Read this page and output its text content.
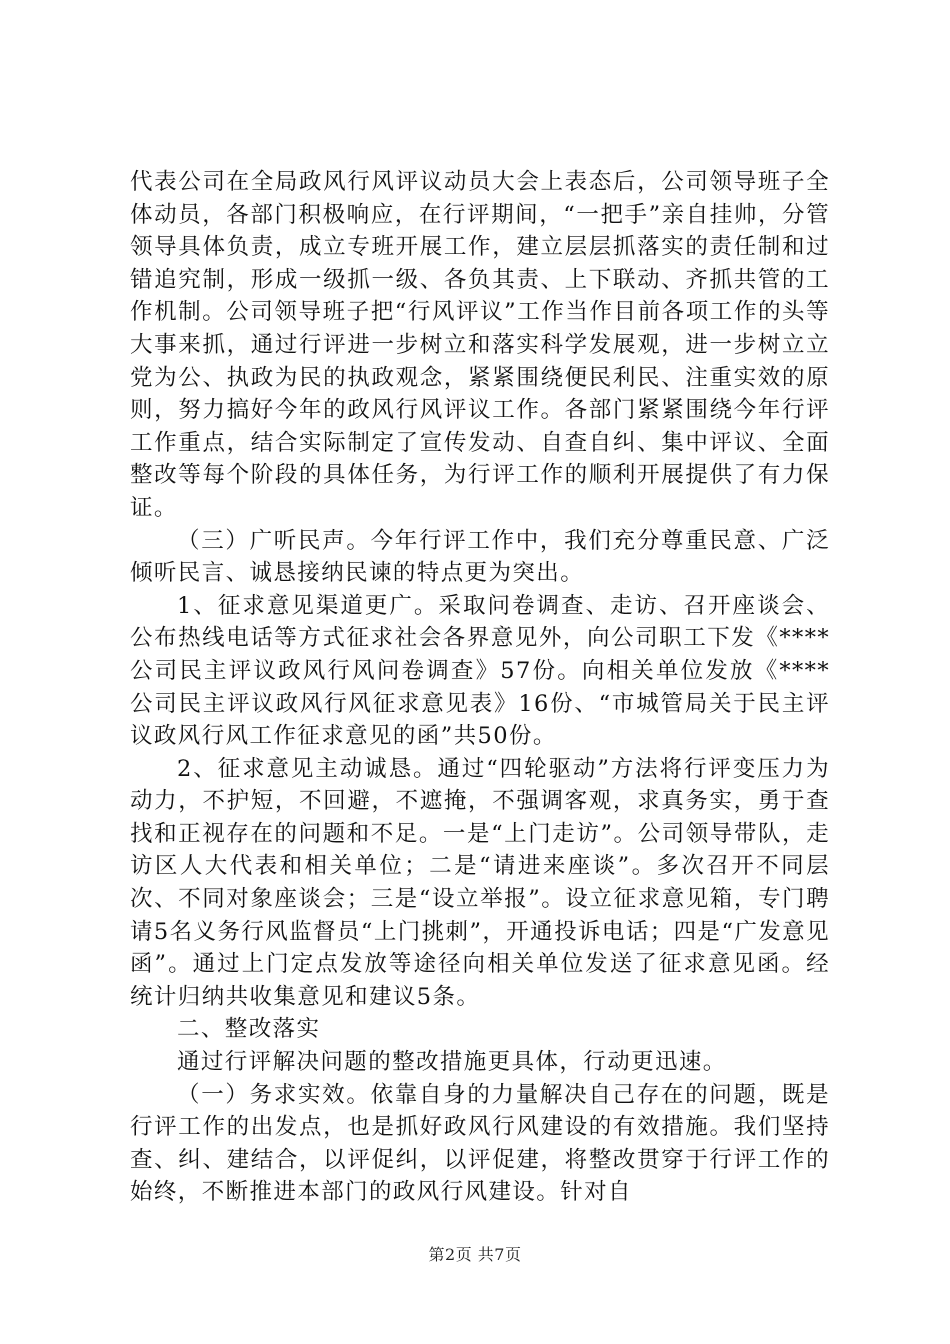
代表公司在全局政风行风评议动员大会上表态后，公司领导班子全体动员，各部门积极响应，在行评期间，“一把手”亲自挂帅，分管领导具体负责，成立专班开展工作，建立层层抓落实的责任制和过错追究制，形成一级抓一级、各负其责、上下联动、齐抓共管的工作机制。公司领导班子把“行风评议”工作当作目前各项工作的头等大事来抓，通过行评进一步树立和落实科学发展观，进一步树立立党为公、执政为民的执政观念，紧紧围绕便民利民、注重实效的原则，努力搞好今年的政风行风评议工作。各部门紧紧围绕今年行评工作重点，结合实际制定了宣传发动、自查自纠、集中评议、全面整改等每个阶段的具体任务，为行评工作的顺利开展提供了有力保证。

（三）广听民声。今年行评工作中，我们充分尊重民意、广泛倾听民言、诚恳接纳民谏的特点更为突出。

1、征求意见渠道更广。采取问卷调查、走访、召开座谈会、公布热线电话等方式征求社会各界意见外，向公司职工下发《****公司民主评议政风行风问卷调查》57份。向相关单位发放《****公司民主评议政风行风征求意见表》16份、“市城管局关于民主评议政风行风工作征求意见的函”共50份。

2、征求意见主动诚恳。通过“四轮驱动”方法将行评变压力为动力，不护短，不回避，不遮掩，不强调客观，求真务实，勇于查找和正视存在的问题和不足。一是“上门走访”。公司领导带队，走访区人大代表和相关单位；二是“请进来座谈”。多次召开不同层次、不同对象座谈会；三是“设立举报”。设立征求意见箱，专门聘请5名义务行风监督员“上门挑刺”，开通投诉电话；四是“广发意见函”。通过上门定点发放等途径向相关单位发送了征求意见函。经统计归纳共收集意见和建议5条。

二、整改落实

通过行评解决问题的整改措施更具体，行动更迅速。

（一）务求实效。依靠自身的力量解决自己存在的问题，既是行评工作的出发点，也是抓好政风行风建设的有效措施。我们坚持查、纠、建结合，以评促纠，以评促建，将整改贯穿于行评工作的始终，不断推进本部门的政风行风建设。针对自

第2页 共7页
